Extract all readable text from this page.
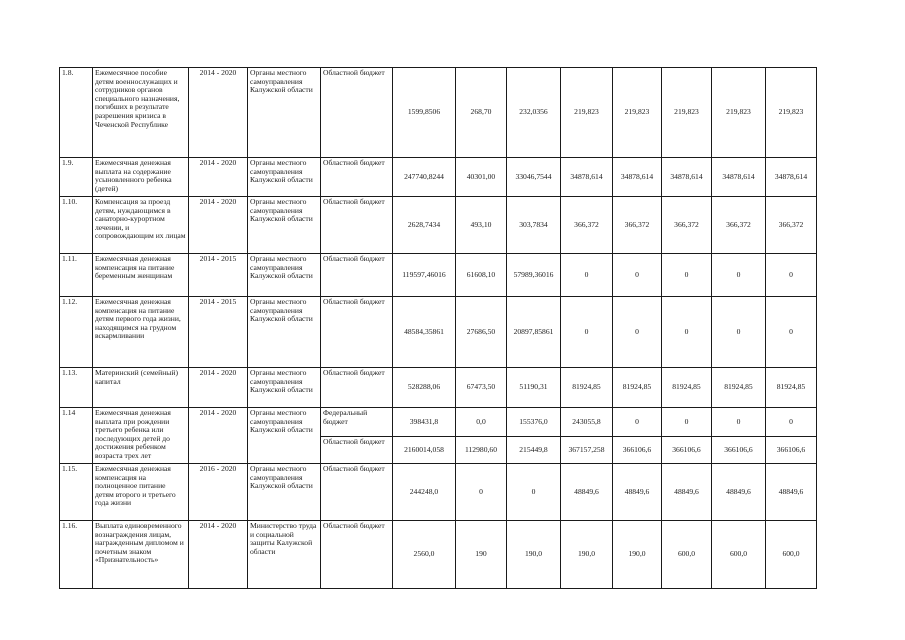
1.8.	Ежемесячное пособие детям военнослужащих и сотрудников органов специального назначения, погибших в результате разрешения кризиса в Чеченской Республике	2014 - 2020	Органы местного самоуправления Калужской области	Областной бюджет	1599,8506	268,70	232,0356	219,823	219,823	219,823	219,823	219,823
1.9.	Ежемесячная денежная выплата на содержание усыновленного ребенка (детей)	2014 - 2020	Органы местного самоуправления Калужской области	Областной бюджет	247740,8244	40301,00	33046,7544	34878,614	34878,614	34878,614	34878,614	34878,614
1.10.	Компенсация за проезд детям, нуждающимся в санаторно-курортном лечении, и сопровождающим их лицам	2014 - 2020	Органы местного самоуправления Калужской области	Областной бюджет	2628,7434	493,10	303,7834	366,372	366,372	366,372	366,372	366,372
1.11.	Ежемесячная денежная компенсация на питание беременным женщинам	2014 - 2015	Органы местного самоуправления Калужской области	Областной бюджет	119597,46016	61608,10	57989,36016	0	0	0	0	0
1.12.	Ежемесячная денежная компенсация на питание детям первого года жизни, находящимся на грудном вскармливании	2014 - 2015	Органы местного самоуправления Калужской области	Областной бюджет	48584,35861	27686,50	20897,85861	0	0	0	0	0
1.13.	Материнский (семейный) капитал	2014 - 2020	Органы местного самоуправления Калужской области	Областной бюджет	528288,06	67473,50	51190,31	81924,85	81924,85	81924,85	81924,85	81924,85
1.14	Ежемесячная денежная выплата при рождении третьего ребенка или последующих детей до достижения ребенком возраста трех лет	2014 - 2020	Органы местного самоуправления Калужской области	Федеральный бюджет	398431,8	0,0	155376,0	243055,8	0	0	0	0
				Областной бюджет	2160014,058	112980,60	215449,8	367157,258	366106,6	366106,6	366106,6	366106,6
1.15.	Ежемесячная денежная компенсация на полноценное питание детям второго и третьего года жизни	2016 - 2020	Органы местного самоуправления Калужской области	Областной бюджет	244248,0	0	0	48849,6	48849,6	48849,6	48849,6	48849,6
1.16.	Выплата единовременного вознаграждения лицам, награжденным дипломом и почетным знаком «Признательность»	2014 - 2020	Министерство труда и социальной защиты Калужской области	Областной бюджет	2560,0	190	190,0	190,0	190,0	600,0	600,0	600,0
